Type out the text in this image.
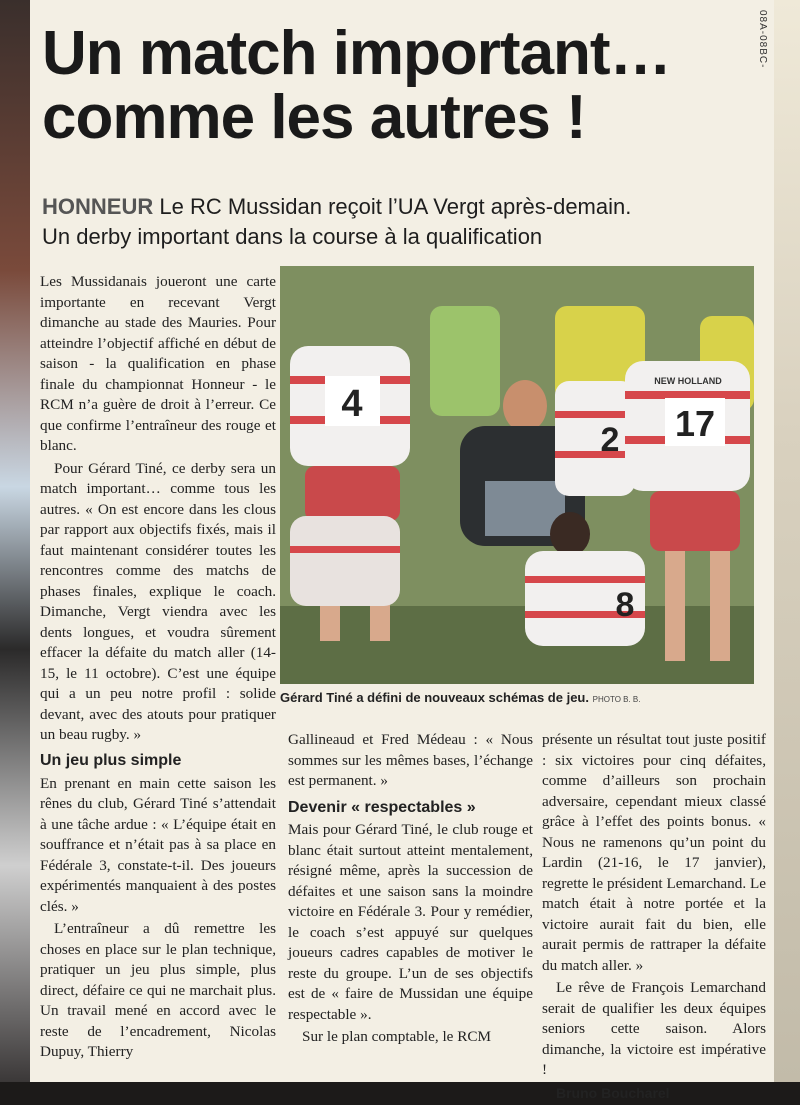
08A-08BC-
Un match important…
comme les autres !
HONNEUR Le RC Mussidan reçoit l’UA Vergt après-demain.
Un derby important dans la course à la qualification

Les Mussidanais joueront une carte importante en recevant Vergt dimanche au stade des Mauries. Pour atteindre l’objectif affiché en début de saison - la qualification en phase finale du championnat Honneur - le RCM n’a guère de droit à l’erreur. Ce que confirme l’entraîneur des rouge et blanc.

Pour Gérard Tiné, ce derby sera un match important… comme tous les autres. « On est encore dans les clous par rapport aux objectifs fixés, mais il faut maintenant considérer toutes les rencontres comme des matchs de phases finales, explique le coach. Dimanche, Vergt viendra avec les dents longues, et voudra sûrement effacer la défaite du match aller (14-15, le 11 octobre). C’est une équipe qui a un peu notre profil : solide devant, avec des atouts pour pratiquer un beau rugby. »

4
2 17
NEW HOLLAND
8
Gérard Tiné a défini de nouveaux schémas de jeu. PHOTO B. B.
Un jeu plus simple

En prenant en main cette saison les rênes du club, Gérard Tiné s’attendait à une tâche ardue : « L’équipe était en souffrance et n’était pas à sa place en Fédérale 3, constate-t-il. Des joueurs expérimentés manquaient à des postes clés. »

L’entraîneur a dû remettre les choses en place sur le plan technique, pratiquer un jeu plus simple, plus direct, défaire ce qui ne marchait plus. Un travail mené en accord avec le reste de l’encadrement, Nicolas Dupuy, Thierry

Gallineaud et Fred Médeau : « Nous sommes sur les mêmes bases, l’échange est permanent. »

Devenir « respectables »

Mais pour Gérard Tiné, le club rouge et blanc était surtout atteint mentalement, résigné même, après la succession de défaites et une saison sans la moindre victoire en Fédérale 3. Pour y remédier, le coach s’est appuyé sur quelques joueurs cadres capables de motiver le reste du groupe. L’un de ses objectifs est de « faire de Mussidan une équipe respectable ».

Sur le plan comptable, le RCM

présente un résultat tout juste positif : six victoires pour cinq défaites, comme d’ailleurs son prochain adversaire, cependant mieux classé grâce à l’effet des points bonus. « Nous ne ramenons qu’un point du Lardin (21-16, le 17 janvier), regrette le président Lemarchand. Le match était à notre portée et la victoire aurait fait du bien, elle aurait permis de rattraper la défaite du match aller. »

Le rêve de François Lemarchand serait de qualifier les deux équipes seniors cette saison. Alors dimanche, la victoire est impérative !

Bruno Boucharel
